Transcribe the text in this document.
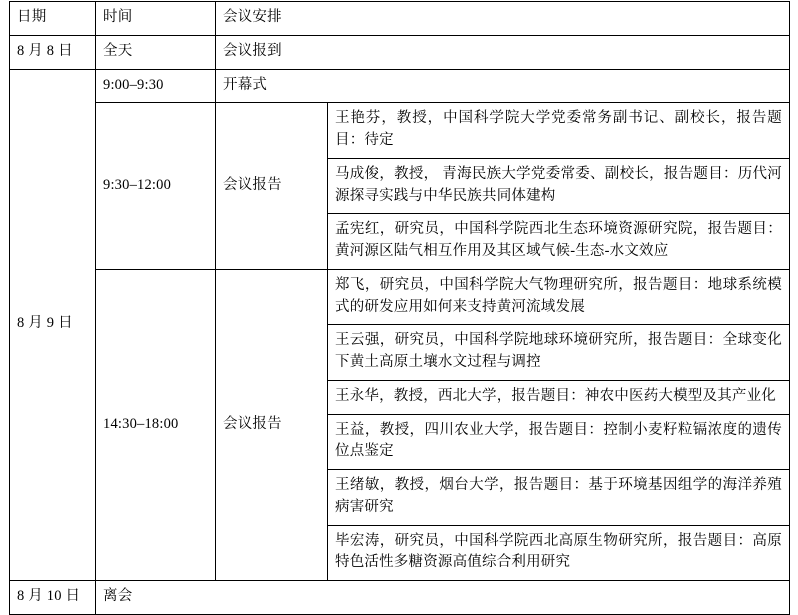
日期	时间	会议安排	
8 月 8 日	全天	会议报到	
8 月 9 日	9:00–9:30	开幕式	
	9:30–12:00	会议报告	王艳芬，教授，中国科学院大学党委常务副书记、副校长，报告题目：待定
			马成俊，教授， 青海民族大学党委常委、副校长，报告题目：历代河源探寻实践与中华民族共同体建构
			孟宪红，研究员，中国科学院西北生态环境资源研究院，报告题目：黄河源区陆气相互作用及其区域气候-生态-水文效应
	14:30–18:00	会议报告	郑飞，研究员，中国科学院大气物理研究所，报告题目：地球系统模式的研发应用如何来支持黄河流域发展
			王云强，研究员，中国科学院地球环境研究所，报告题目：全球变化下黄土高原土壤水文过程与调控
			王永华，教授，西北大学，报告题目：神农中医药大模型及其产业化
			王益，教授，四川农业大学，报告题目：控制小麦籽粒镉浓度的遗传位点鉴定
			王绪敏，教授，烟台大学，报告题目：基于环境基因组学的海洋养殖病害研究
			毕宏涛，研究员，中国科学院西北高原生物研究所，报告题目：高原特色活性多糖资源高值综合利用研究
8 月 10 日	离会		
